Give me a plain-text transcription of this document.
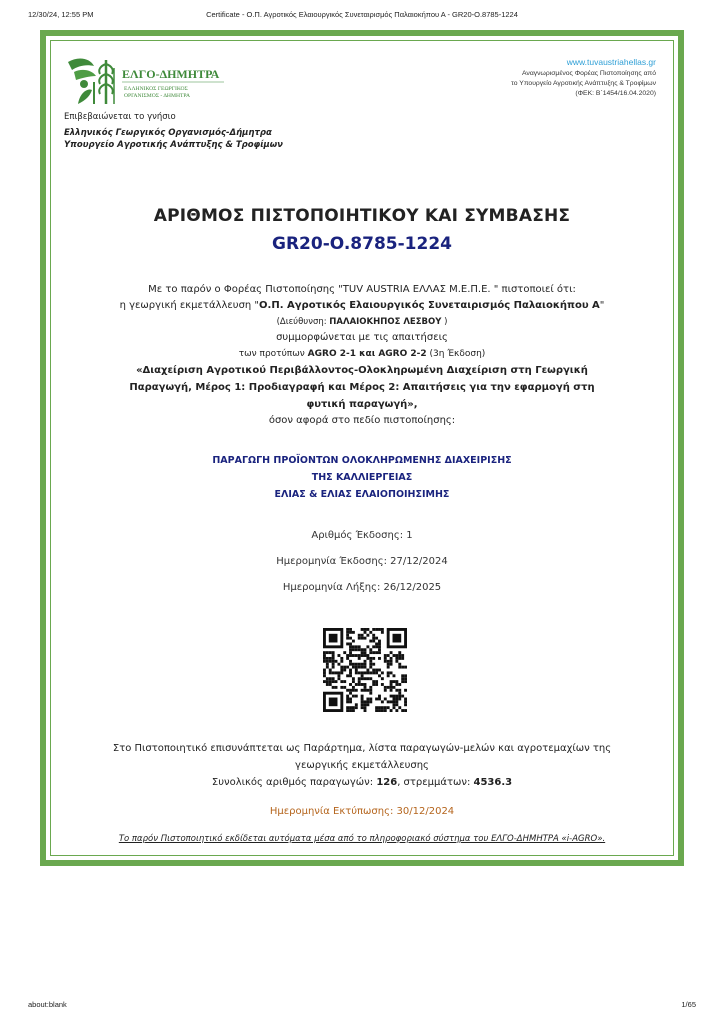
12/30/24, 12:55 PM	Certificate - Ο.Π. Αγροτικός Ελαιουργικός Συνεταιρισμός Παλαιοκήπου Α - GR20-O.8785-1224
ΕΛΓΟ-ΔΗΜΗΤΡΑ
ΕΛΛΗΝΙΚΟΣ ΓΕΩΡΓΙΚΟΣ
ΟΡΓΑΝΙΣΜΟΣ - ΔΗΜΗΤΡΑ
Επιβεβαιώνεται το γνήσιο
Ελληνικός Γεωργικός Οργανισμός-Δήμητρα
Υπουργείο Αγροτικής Ανάπτυξης & Τροφίμων
www.tuvaustriahellas.gr
Αναγνωρισμένος Φορέας Πιστοποίησης από
το Υπουργείο Αγροτικής Ανάπτυξης & Τροφίμων
(ΦΕΚ: Β΄1454/16.04.2020)
ΑΡΙΘΜΟΣ ΠΙΣΤΟΠΟΙΗΤΙΚΟΥ ΚΑΙ ΣΥΜΒΑΣΗΣ
GR20-O.8785-1224
Με το παρόν ο Φορέας Πιστοποίησης "TUV AUSTRIA ΕΛΛΑΣ Μ.Ε.Π.Ε. " πιστοποιεί ότι:
η γεωργική εκμετάλλευση "Ο.Π. Αγροτικός Ελαιουργικός Συνεταιρισμός Παλαιοκήπου Α"
(Διεύθυνση: ΠΑΛΑΙΟΚΗΠΟΣ ΛΕΣΒΟΥ )
συμμορφώνεται με τις απαιτήσεις
των προτύπων AGRO 2-1 και AGRO 2-2 (3η Έκδοση)
«Διαχείριση Αγροτικού Περιβάλλοντος-Ολοκληρωμένη Διαχείριση στη Γεωργική
Παραγωγή, Μέρος 1: Προδιαγραφή και Μέρος 2: Απαιτήσεις για την εφαρμογή στη
φυτική παραγωγή»,
όσον αφορά στο πεδίο πιστοποίησης:
ΠΑΡΑΓΩΓΗ ΠΡΟΪΟΝΤΩΝ ΟΛΟΚΛΗΡΩΜΕΝΗΣ ΔΙΑΧΕΙΡΙΣΗΣ
ΤΗΣ ΚΑΛΛΙΕΡΓΕΙΑΣ
ΕΛΙΑΣ & ΕΛΙΑΣ ΕΛΑΙΟΠΟΙΗΣΙΜΗΣ
Αριθμός Έκδοσης: 1
Ημερομηνία Έκδοσης: 27/12/2024
Ημερομηνία Λήξης: 26/12/2025
Στο Πιστοποιητικό επισυνάπτεται ως Παράρτημα, λίστα παραγωγών-μελών και αγροτεμαχίων της
γεωργικής εκμετάλλευσης
Συνολικός αριθμός παραγωγών: 126, στρεμμάτων: 4536.3
Ημερομηνία Εκτύπωσης: 30/12/2024
Το παρόν Πιστοποιητικό εκδίδεται αυτόματα μέσα από το πληροφοριακό σύστημα του ΕΛΓΟ-ΔΗΜΗΤΡΑ «i-AGRO».
about:blank	1/65
